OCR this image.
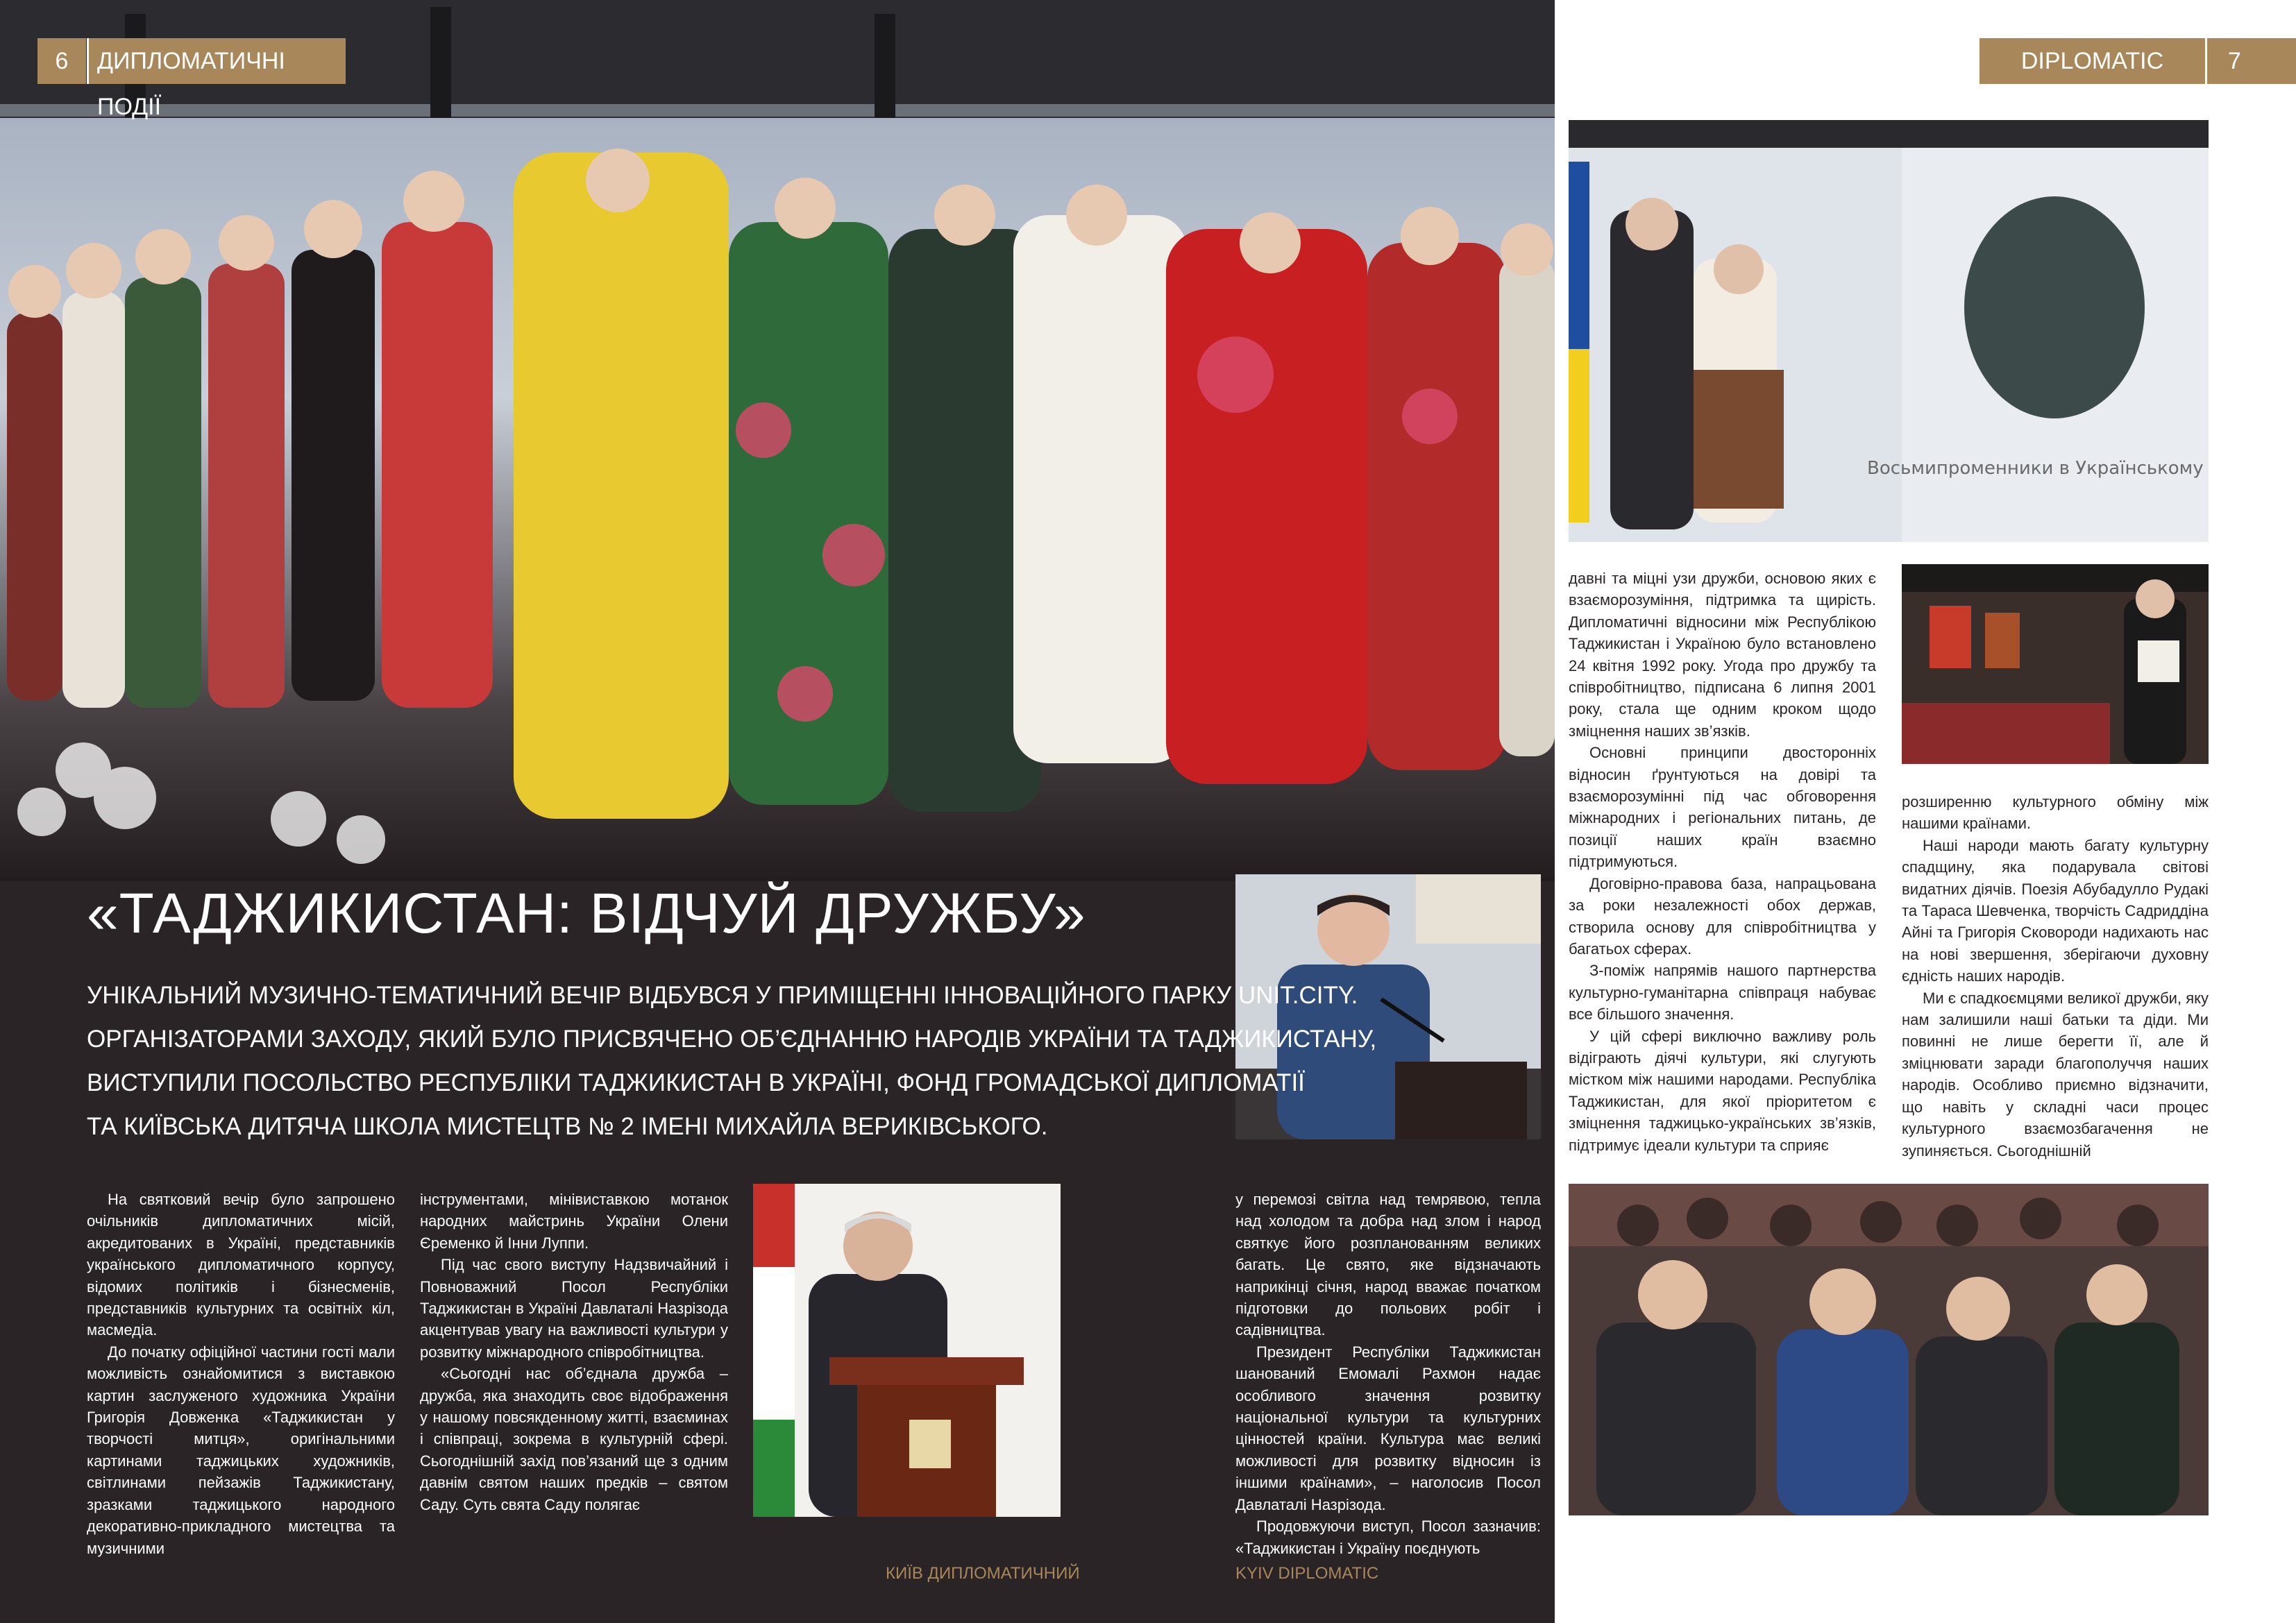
6	ДИПЛОМАТИЧНІ ПОДІЇ
«ТАДЖИКИСТАН: ВІДЧУЙ ДРУЖБУ»
УНІКАЛЬНИЙ МУЗИЧНО-ТЕМАТИЧНИЙ ВЕЧІР ВІДБУВСЯ У ПРИМІЩЕННІ ІННОВАЦІЙНОГО ПАРКУ UNIT.CITY.
ОРГАНІЗАТОРАМИ ЗАХОДУ, ЯКИЙ БУЛО ПРИСВЯЧЕНО ОБ’ЄДНАННЮ НАРОДІВ УКРАЇНИ ТА ТАДЖИКИСТАНУ,
ВИСТУПИЛИ ПОСОЛЬСТВО РЕСПУБЛІКИ ТАДЖИКИСТАН В УКРАЇНІ, ФОНД ГРОМАДСЬКОЇ ДИПЛОМАТІЇ
ТА КИЇВСЬКА ДИТЯЧА ШКОЛА МИСТЕЦТВ № 2 ІМЕНІ МИХАЙЛА ВЕРИКІВСЬКОГО.

На святковий вечір було запрошено очільників дипломатичних місій, акредитованих в Україні, представників українського дипломатичного корпусу, відомих політиків і бізнесменів, представників культурних та освітніх кіл, масмедіа.

До початку офіційної частини гості мали можливість ознайомитися з виставкою картин заслуженого художника України Григорія Довженка «Таджикистан у творчості митця», оригінальними картинами таджицьких художників, світлинами пейзажів Таджикистану, зразками таджицького народного декоративно-прикладного мистецтва та музичними

інструментами, мінівиставкою мотанок народних майстринь України Олени Єременко й Інни Луппи.

Під час свого виступу Надзвичайний і Повноважний Посол Республіки Таджикистан в Україні Давлаталі Назрізода акцентував увагу на важливості культури у розвитку міжнародного співробітництва.

«Сьогодні нас об’єднала дружба – дружба, яка знаходить своє відображення у нашому повсякденному житті, взаєминах і співпраці, зокрема в культурній сфері. Сьогоднішній захід пов’язаний ще з одним давнім святом наших предків – святом Саду. Суть свята Саду полягає

у перемозі світла над темрявою, тепла над холодом та добра над злом і народ святкує його розпланованням великих багать. Це свято, яке відзначають наприкінці січня, народ вважає початком підготовки до польових робіт і садівництва.

Президент Республіки Таджикистан шанований Емомалі Рахмон надає особливого значення розвитку національної культури та культурних цінностей країни. Культура має великі можливості для розвитку відносин із іншими країнами», – наголосив Посол Давлаталі Назрізода.

Продовжуючи виступ, Посол зазначив: «Таджикистан і Україну поєднують

КИЇВ ДИПЛОМАТИЧНИЙ	KYIV DIPLOMATIC
DIPLOMATIC EVENTS
7
Восьмипроменники в Українському

давні та міцні узи дружби, основою яких є взаєморозуміння, підтримка та щирість. Дипломатичні відносини між Республікою Таджикистан і Україною було встановлено 24 квітня 1992 року. Угода про дружбу та співробітництво, підписана 6 липня 2001 року, стала ще одним кроком щодо зміцнення наших зв’язків.

Основні принципи двосторонніх відносин ґрунтуються на довірі та взаєморозумінні під час обговорення міжнародних і регіональних питань, де позиції наших країн взаємно підтримуються.

Договірно-правова база, напрацьована за роки незалежності обох держав, створила основу для співробітництва у багатьох сферах.

З-поміж напрямів нашого партнерства культурно-гуманітарна співпраця набуває все більшого значення.

У цій сфері виключно важливу роль відіграють діячі культури, які слугують містком між нашими народами. Республіка Таджикистан, для якої пріоритетом є зміцнення таджицько-українських зв’язків, підтримує ідеали культури та сприяє

розширенню культурного обміну між нашими країнами.

Наші народи мають багату культурну спадщину, яка подарувала світові видатних діячів. Поезія Абубадулло Рудакі та Тараса Шевченка, творчість Садриддіна Айні та Григорія Сковороди надихають нас на нові звершення, зберігаючи духовну єдність наших народів.

Ми є спадкоємцями великої дружби, яку нам залишили наші батьки та діди. Ми повинні не лише берегти її, але й зміцнювати заради благополуччя наших народів. Особливо приємно відзначити, що навіть у складні часи процес культурного взаємозбагачення не зупиняється. Сьогоднішній
